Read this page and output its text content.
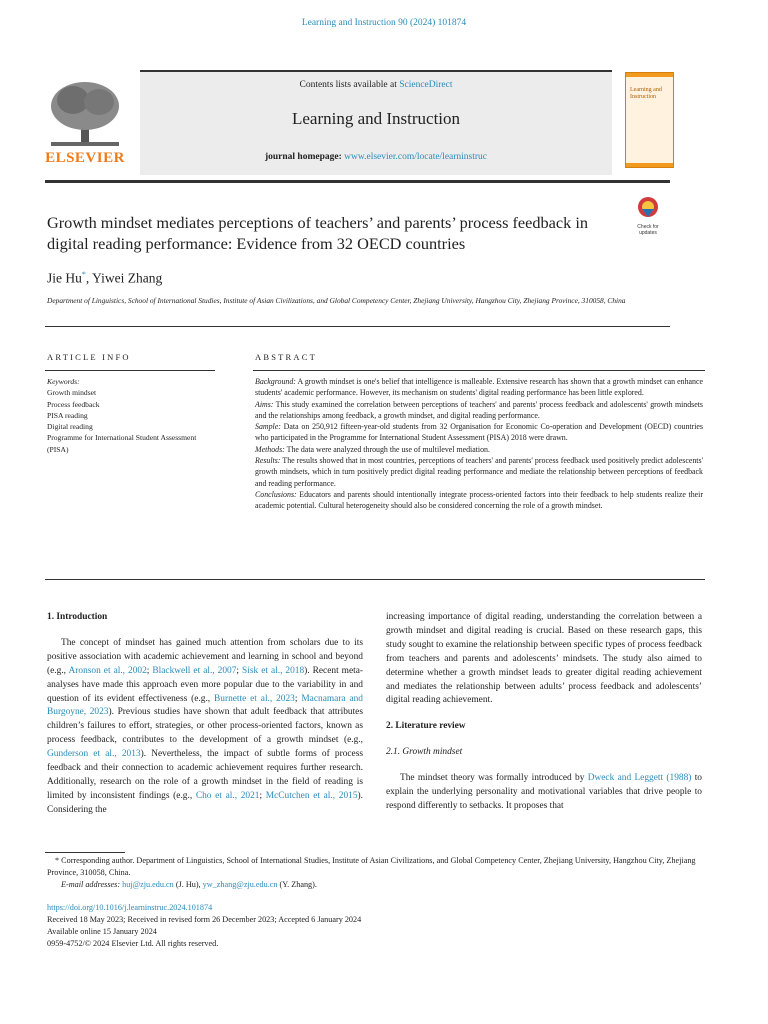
Learning and Instruction 90 (2024) 101874
ELSEVIER
Contents lists available at ScienceDirect
Learning and Instruction
journal homepage: www.elsevier.com/locate/learninstruc
Learning and Instruction
Growth mindset mediates perceptions of teachers’ and parents’ process feedback in digital reading performance: Evidence from 32 OECD countries
Check for updates
Jie Hu*, Yiwei Zhang
Department of Linguistics, School of International Studies, Institute of Asian Civilizations, and Global Competency Center, Zhejiang University, Hangzhou City, Zhejiang Province, 310058, China
ARTICLE INFO	ABSTRACT
Keywords:
Growth mindset
Process feedback
PISA reading
Digital reading
Programme for International Student Assessment (PISA)

Background: A growth mindset is one's belief that intelligence is malleable. Extensive research has shown that a growth mindset can enhance students' academic performance. However, its mechanism on students' digital reading performance has been little explored.

Aims: This study examined the correlation between perceptions of teachers' and parents' process feedback and adolescents' growth mindsets and the relationships among feedback, a growth mindset, and digital reading performance.

Sample: Data on 250,912 fifteen-year-old students from 32 Organisation for Economic Co-operation and Development (OECD) countries who participated in the Programme for International Student Assessment (PISA) 2018 were drawn.

Methods: The data were analyzed through the use of multilevel mediation.

Results: The results showed that in most countries, perceptions of teachers' and parents' process feedback used positively predict adolescents' growth mindsets, which in turn positively predict digital reading performance and mediate the relationship between perceptions of feedback and reading performance.

Conclusions: Educators and parents should intentionally integrate process-oriented factors into their feedback to help students realize their academic potential. Cultural heterogeneity should also be considered concerning the role of a growth mindset.

1. Introduction

The concept of mindset has gained much attention from scholars due to its positive association with academic achievement and learning in school and beyond (e.g., Aronson et al., 2002; Blackwell et al., 2007; Sisk et al., 2018). Recent meta-analyses have made this approach even more popular due to the variability in and question of its evident effectiveness (e.g., Burnette et al., 2023; Macnamara and Burgoyne, 2023). Previous studies have shown that adult feedback that attributes children’s failures to effort, strategies, or other process-oriented factors, known as process feedback, contributes to the development of a growth mindset (e.g., Gunderson et al., 2013). Nevertheless, the impact of subtle forms of process feedback and their connection to academic achievement requires further research. Additionally, research on the role of a growth mindset in the field of reading is limited by inconsistent findings (e.g., Cho et al., 2021; McCutchen et al., 2015). Considering the

increasing importance of digital reading, understanding the correlation between a growth mindset and digital reading is crucial. Based on these research gaps, this study sought to examine the relationship between specific types of process feedback from teachers and parents and adolescents’ mindsets. The study also aimed to determine whether a growth mindset leads to greater digital reading achievement and mediates the relationship between adults’ process feedback and adolescents’ digital reading achievement.

2. Literature review
2.1. Growth mindset

The mindset theory was formally introduced by Dweck and Leggett (1988) to explain the underlying personality and motivational variables that drive people to respond differently to setbacks. It proposes that

* Corresponding author. Department of Linguistics, School of International Studies, Institute of Asian Civilizations, and Global Competency Center, Zhejiang University, Hangzhou City, Zhejiang Province, 310058, China.
E-mail addresses: huj@zju.edu.cn (J. Hu), yw_zhang@zju.edu.cn (Y. Zhang).
https://doi.org/10.1016/j.learninstruc.2024.101874
Received 18 May 2023; Received in revised form 26 December 2023; Accepted 6 January 2024
Available online 15 January 2024
0959-4752/© 2024 Elsevier Ltd. All rights reserved.
